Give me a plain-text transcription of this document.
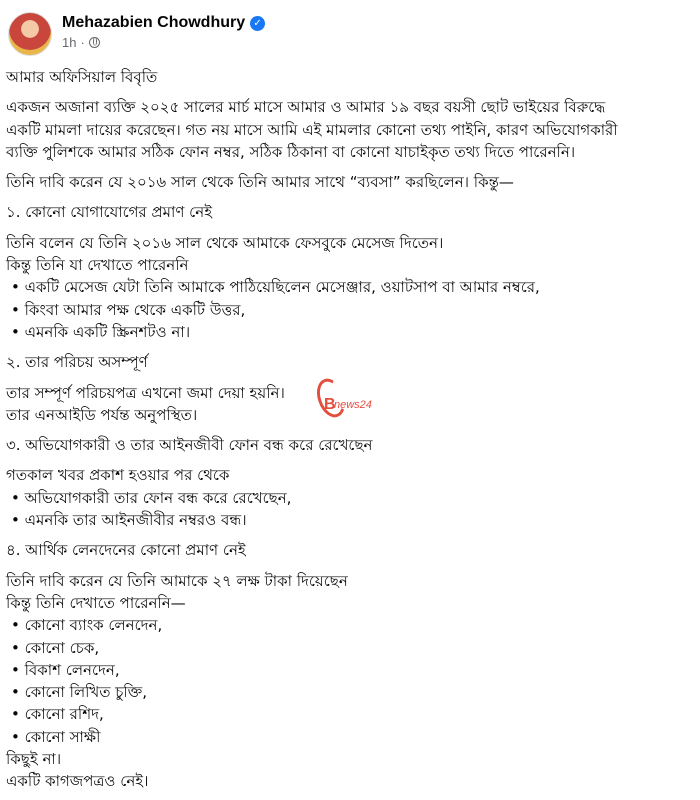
Mehazabien Chowdhury ✓
1h ·
আমার অফিসিয়াল বিবৃতি
একজন অজানা ব্যক্তি ২০২৫ সালের মার্চ মাসে আমার ও আমার ১৯ বছর বয়সী ছোট ভাইয়ের বিরুদ্ধে
একটি মামলা দায়ের করেছেন। গত নয় মাসে আমি এই মামলার কোনো তথ্য পাইনি, কারণ অভিযোগকারী
ব্যক্তি পুলিশকে আমার সঠিক ফোন নম্বর, সঠিক ঠিকানা বা কোনো যাচাইকৃত তথ্য দিতে পারেননি।
তিনি দাবি করেন যে ২০১৬ সাল থেকে তিনি আমার সাথে “ব্যবসা” করছিলেন। কিন্তু—
১. কোনো যোগাযোগের প্রমাণ নেই
তিনি বলেন যে তিনি ২০১৬ সাল থেকে আমাকে ফেসবুকে মেসেজ দিতেন।
কিন্তু তিনি যা দেখাতে পারেননি
• একটি মেসেজ যেটা তিনি আমাকে পাঠিয়েছিলেন মেসেঞ্জার, ওয়াটসাপ বা আমার নম্বরে,
• কিংবা আমার পক্ষ থেকে একটি উত্তর,
• এমনকি একটি স্ক্রিনশটও না।
২. তার পরিচয় অসম্পূর্ণ
তার সম্পূর্ণ পরিচয়পত্র এখনো জমা দেয়া হয়নি।
তার এনআইডি পর্যন্ত অনুপস্থিত।
৩. অভিযোগকারী ও তার আইনজীবী ফোন বন্ধ করে রেখেছেন
গতকাল খবর প্রকাশ হওয়ার পর থেকে
• অভিযোগকারী তার ফোন বন্ধ করে রেখেছেন,
• এমনকি তার আইনজীবীর নম্বরও বন্ধ।
৪. আর্থিক লেনদেনের কোনো প্রমাণ নেই
তিনি দাবি করেন যে তিনি আমাকে ২৭ লক্ষ টাকা দিয়েছেন
কিন্তু তিনি দেখাতে পারেননি—
• কোনো ব্যাংক লেনদেন,
• কোনো চেক,
• বিকাশ লেনদেন,
• কোনো লিখিত চুক্তি,
• কোনো রশিদ,
• কোনো সাক্ষী
কিছুই না।
একটি কাগজপত্রও নেই।
B
news24
